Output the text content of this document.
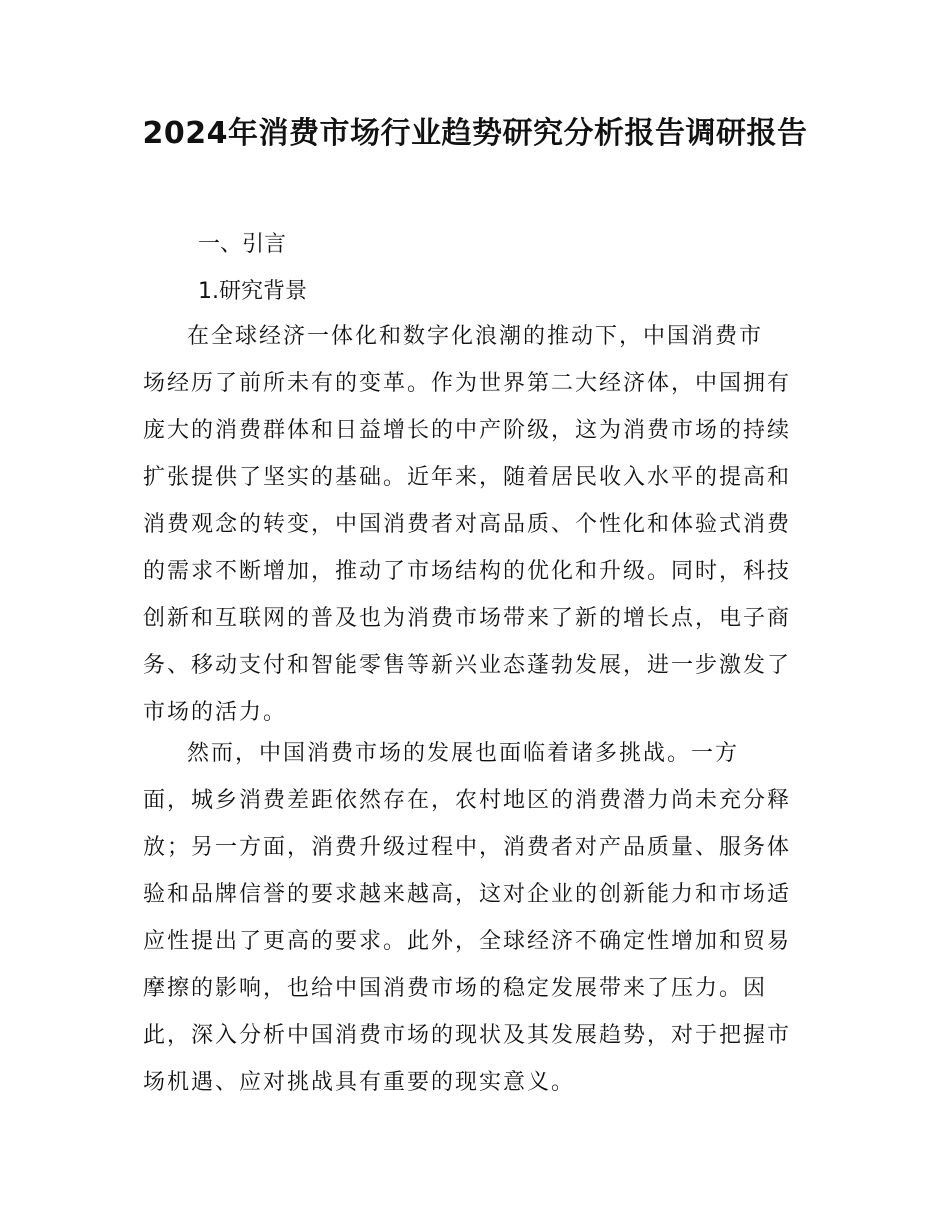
2024年消费市场行业趋势研究分析报告调研报告
一、引言
1.研究背景
在全球经济一体化和数字化浪潮的推动下，中国消费市
场经历了前所未有的变革。作为世界第二大经济体，中国拥有
庞大的消费群体和日益增长的中产阶级，这为消费市场的持续
扩张提供了坚实的基础。近年来，随着居民收入水平的提高和
消费观念的转变，中国消费者对高品质、个性化和体验式消费
的需求不断增加，推动了市场结构的优化和升级。同时，科技
创新和互联网的普及也为消费市场带来了新的增长点，电子商
务、移动支付和智能零售等新兴业态蓬勃发展，进一步激发了
市场的活力。
然而，中国消费市场的发展也面临着诸多挑战。一方
面，城乡消费差距依然存在，农村地区的消费潜力尚未充分释
放；另一方面，消费升级过程中，消费者对产品质量、服务体
验和品牌信誉的要求越来越高，这对企业的创新能力和市场适
应性提出了更高的要求。此外，全球经济不确定性增加和贸易
摩擦的影响，也给中国消费市场的稳定发展带来了压力。因
此，深入分析中国消费市场的现状及其发展趋势，对于把握市
场机遇、应对挑战具有重要的现实意义。
